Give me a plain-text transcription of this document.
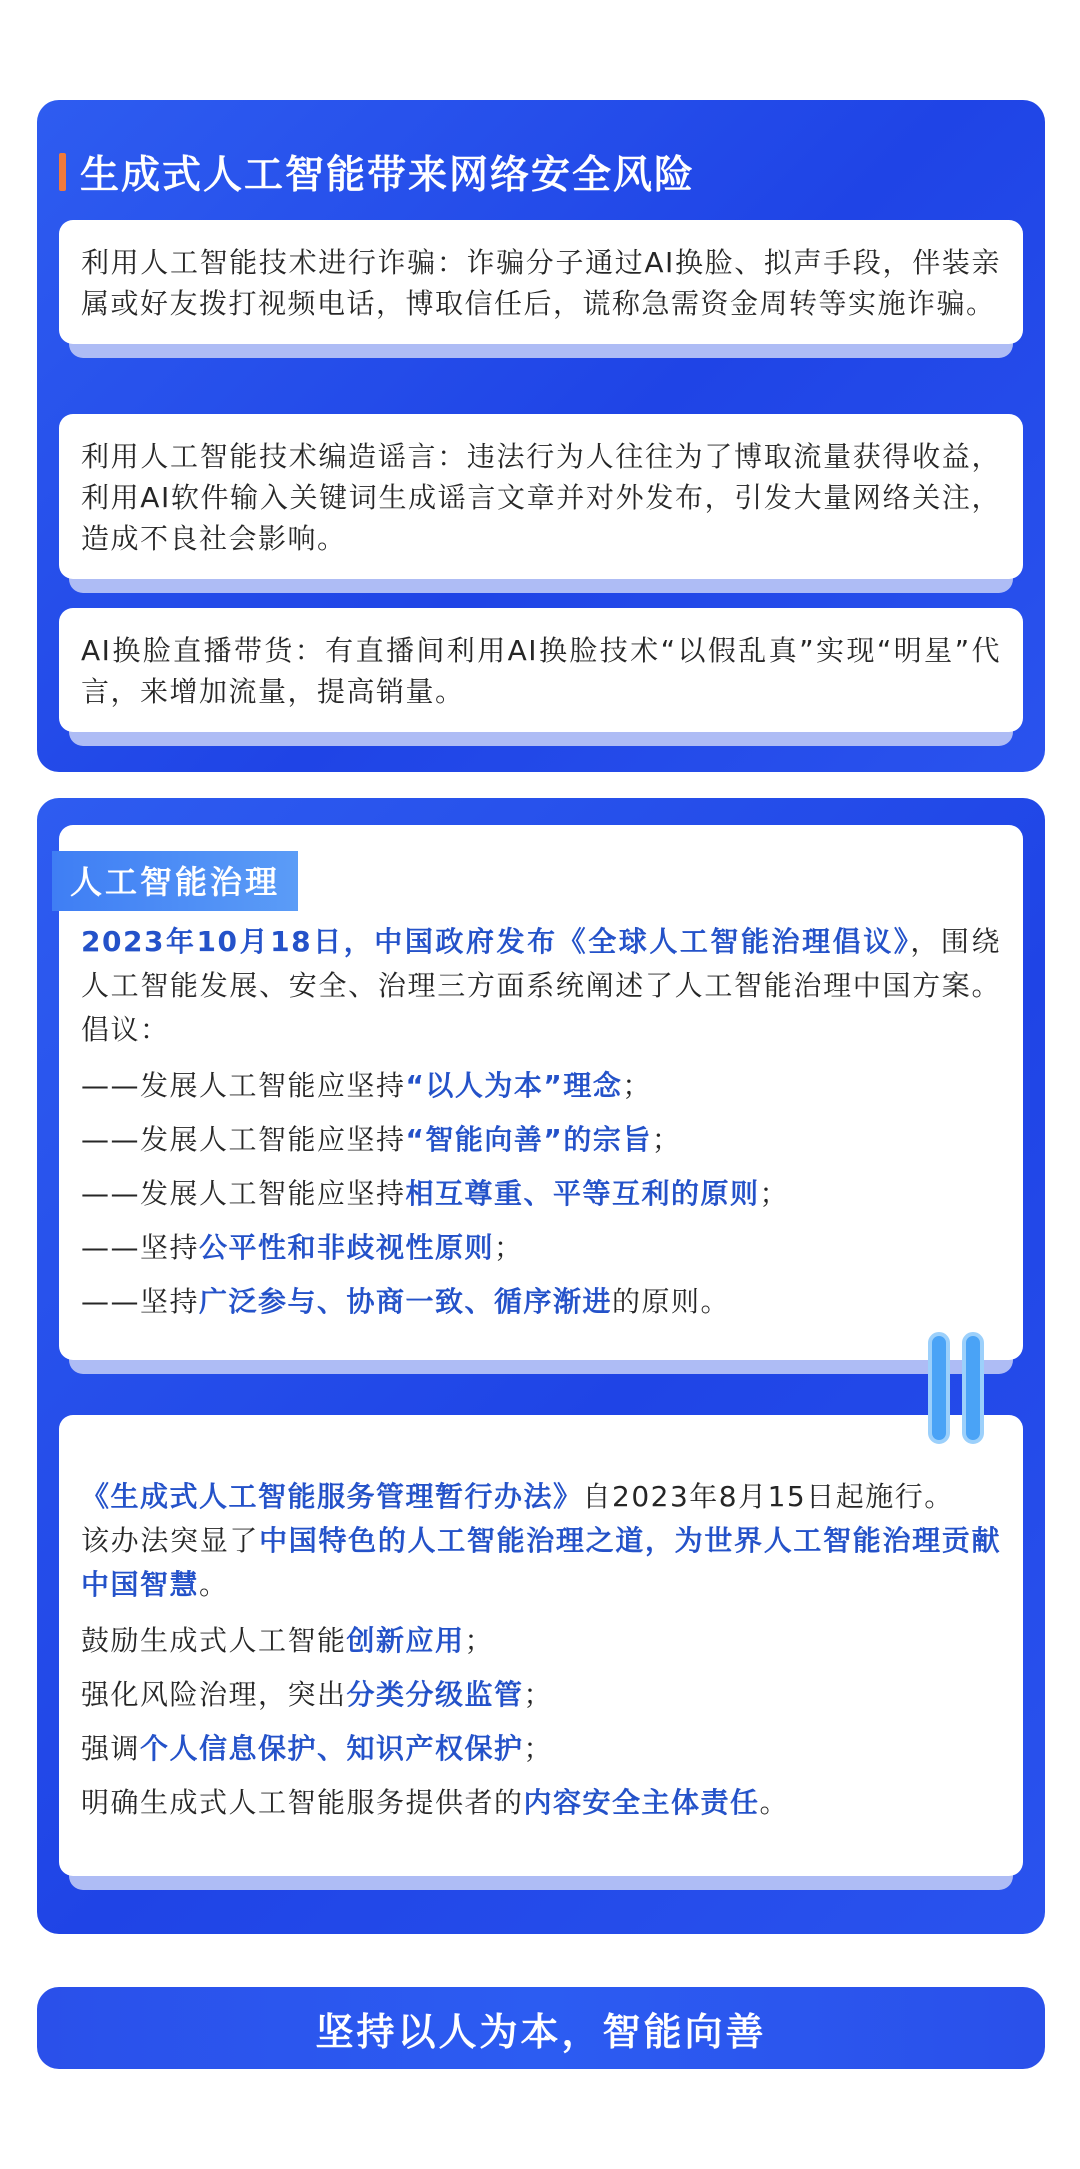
生成式人工智能带来网络安全风险
利用人工智能技术进行诈骗：诈骗分子通过AI换脸、拟声手段，伴装亲属或好友拨打视频电话，博取信任后，谎称急需资金周转等实施诈骗。
利用人工智能技术编造谣言：违法行为人往往为了博取流量获得收益，利用AI软件输入关键词生成谣言文章并对外发布，引发大量网络关注，造成不良社会影响。
AI换脸直播带货：有直播间利用AI换脸技术“以假乱真”实现“明星”代言，来增加流量，提高销量。
2023年10月18日，中国政府发布《全球人工智能治理倡议》，围绕人工智能发展、安全、治理三方面系统阐述了人工智能治理中国方案。倡议：
——发展人工智能应坚持“以人为本”理念；
——发展人工智能应坚持“智能向善”的宗旨；
——发展人工智能应坚持相互尊重、平等互利的原则；
——坚持公平性和非歧视性原则；
——坚持广泛参与、协商一致、循序渐进的原则。
人工智能治理
《生成式人工智能服务管理暂行办法》自2023年8月15日起施行。
该办法突显了中国特色的人工智能治理之道，为世界人工智能治理贡献中国智慧。
鼓励生成式人工智能创新应用；
强化风险治理，突出分类分级监管；
强调个人信息保护、知识产权保护；
明确生成式人工智能服务提供者的内容安全主体责任。
坚持以人为本，智能向善
